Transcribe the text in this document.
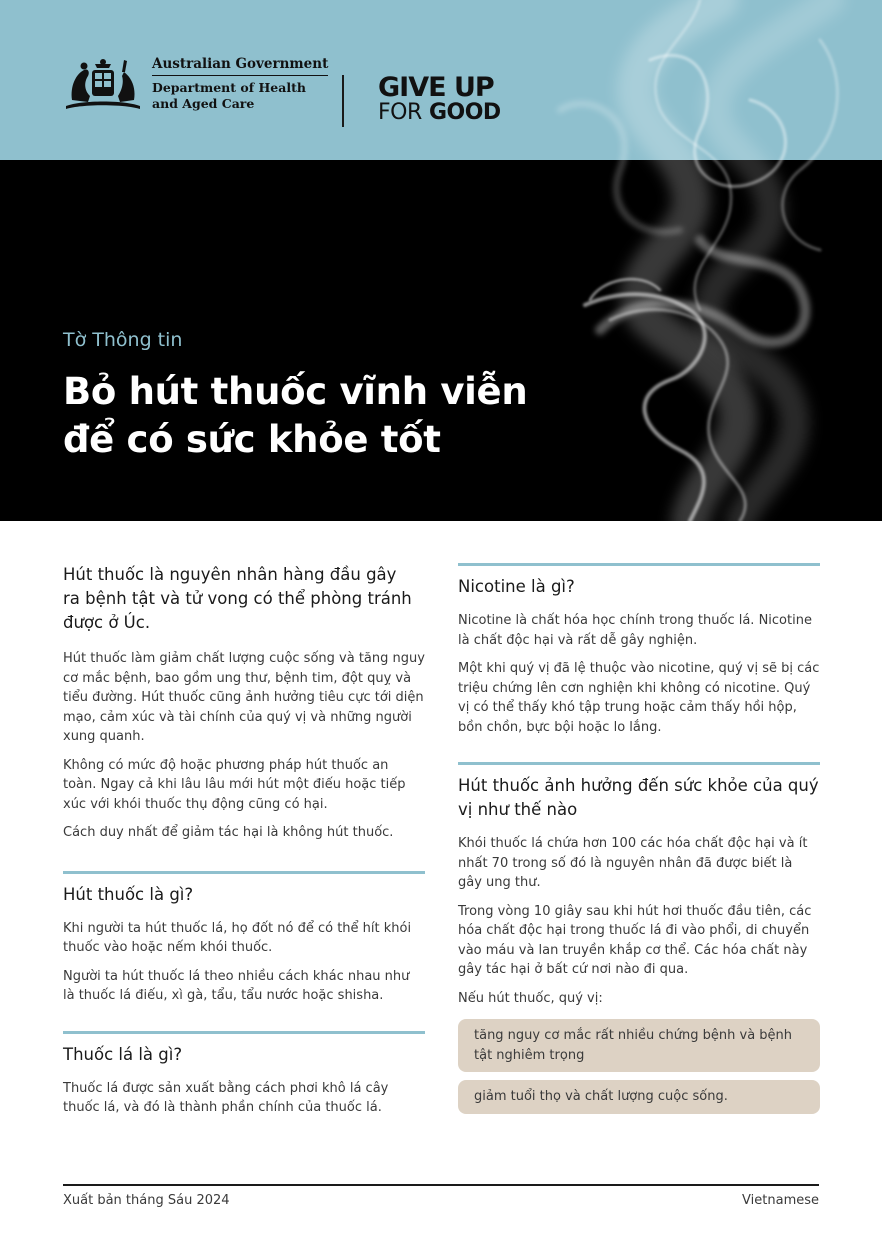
Australian Government
Department of Health
and Aged Care
GIVE UP
FOR GOOD
Tờ Thông tin
Bỏ hút thuốc vĩnh viễn
để có sức khỏe tốt
Hút thuốc là nguyên nhân hàng đầu gây ra bệnh tật và tử vong có thể phòng tránh được ở Úc.

Hút thuốc làm giảm chất lượng cuộc sống và tăng nguy cơ mắc bệnh, bao gồm ung thư, bệnh tim, đột quỵ và tiểu đường. Hút thuốc cũng ảnh hưởng tiêu cực tới diện mạo, cảm xúc và tài chính của quý vị và những người xung quanh.

Không có mức độ hoặc phương pháp hút thuốc an toàn. Ngay cả khi lâu lâu mới hút một điếu hoặc tiếp xúc với khói thuốc thụ động cũng có hại.

Cách duy nhất để giảm tác hại là không hút thuốc.

Hút thuốc là gì?

Khi người ta hút thuốc lá, họ đốt nó để có thể hít khói thuốc vào hoặc nếm khói thuốc.

Người ta hút thuốc lá theo nhiều cách khác nhau như là thuốc lá điếu, xì gà, tẩu, tẩu nước hoặc shisha.

Thuốc lá là gì?

Thuốc lá được sản xuất bằng cách phơi khô lá cây thuốc lá, và đó là thành phần chính của thuốc lá.

Nicotine là gì?

Nicotine là chất hóa học chính trong thuốc lá. Nicotine là chất độc hại và rất dễ gây nghiện.

Một khi quý vị đã lệ thuộc vào nicotine, quý vị sẽ bị các triệu chứng lên cơn nghiện khi không có nicotine. Quý vị có thể thấy khó tập trung hoặc cảm thấy hồi hộp, bồn chồn, bực bội hoặc lo lắng.

Hút thuốc ảnh hưởng đến sức khỏe của quý vị như thế nào

Khói thuốc lá chứa hơn 100 các hóa chất độc hại và ít nhất 70 trong số đó là nguyên nhân đã được biết là gây ung thư.

Trong vòng 10 giây sau khi hút hơi thuốc đầu tiên, các hóa chất độc hại trong thuốc lá đi vào phổi, di chuyển vào máu và lan truyền khắp cơ thể. Các hóa chất này gây tác hại ở bất cứ nơi nào đi qua.

Nếu hút thuốc, quý vị:

tăng nguy cơ mắc rất nhiều chứng bệnh và bệnh tật nghiêm trọng
giảm tuổi thọ và chất lượng cuộc sống.
Xuất bản tháng Sáu 2024	Vietnamese
